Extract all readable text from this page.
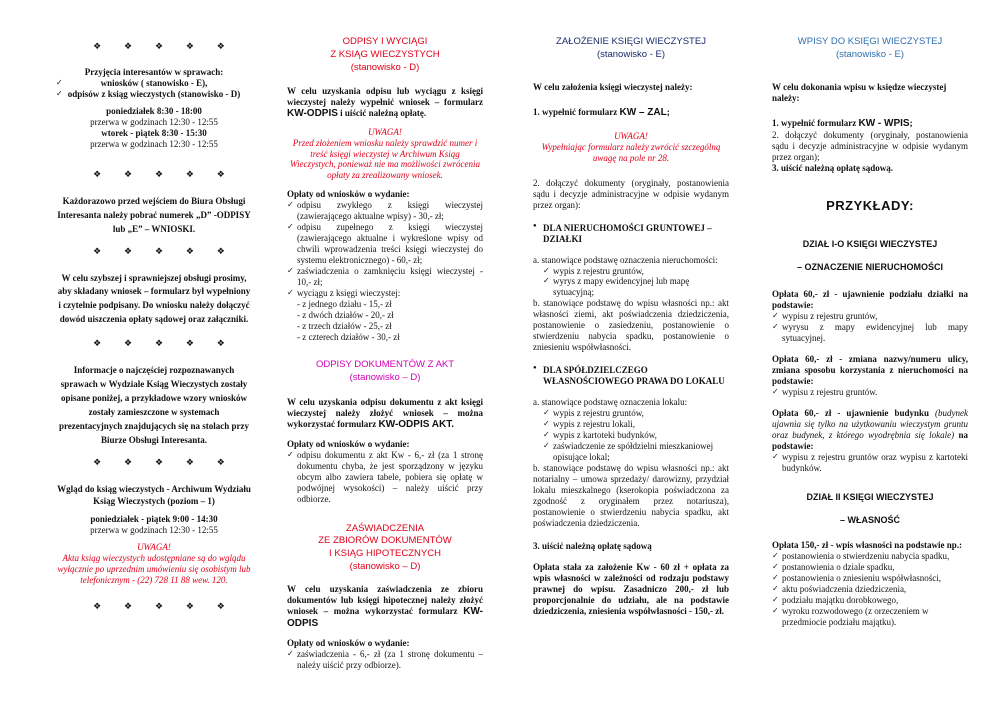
❖ ❖ ❖ ❖ ❖

Przyjęcia interesantów w sprawach:

✓ wniosków ( stanowisko - E),
✓ odpisów z ksiąg wieczystych (stanowisko - D)
poniedziałek 8:30 - 18:00
przerwa w godzinach 12:30 - 12:55
wtorek - piątek 8:30 - 15:30
przerwa w godzinach 12:30 - 12:55
❖ ❖ ❖ ❖ ❖

Każdorazowo przed wejściem do Biura Obsługi Interesanta należy pobrać numerek „D” -ODPISY lub „E” – WNIOSKI.

❖ ❖ ❖ ❖ ❖

W celu szybszej i sprawniejszej obsługi prosimy, aby składany wniosek – formularz był wypełniony i czytelnie podpisany. Do wniosku należy dołączyć dowód uiszczenia opłaty sądowej oraz załączniki.

❖ ❖ ❖ ❖ ❖

Informacje o najczęściej rozpoznawanych sprawach w Wydziale Ksiąg Wieczystych zostały opisane poniżej, a przykładowe wzory wniosków zostały zamieszczone w systemach prezentacyjnych znajdujących się na stolach przy Biurze Obsługi Interesanta.

❖ ❖ ❖ ❖ ❖

Wgląd do ksiąg wieczystych - Archiwum Wydziału Ksiąg Wieczystych (poziom – 1)

poniedziałek - piątek 9:00 - 14:30
przerwa w godzinach 12:30 - 12:55
UWAGA!
Akta ksiąg wieczystych udostępniane są do wglądu wyłącznie po uprzednim umówieniu się osobistym lub telefonicznym - (22) 728 11 88 wew. 120.
❖ ❖ ❖ ❖ ❖
ODPISY I WYCIĄGI
Z KSIĄG WIECZYSTYCH
(stanowisko - D)

W celu uzyskania odpisu lub wyciągu z księgi wieczystej należy wypełnić wniosek – formularz KW-ODPIS i uiścić należną opłatę.

UWAGA!

Przed złożeniem wniosku należy sprawdzić numer i treść księgi wieczystej w Archiwum Ksiąg Wieczystych, ponieważ nie ma możliwości zwrócenia opłaty za zrealizowany wniosek.

Opłaty od wniosków o wydanie:
✓ odpisu zwykłego z księgi wieczystej (zawierającego aktualne wpisy) - 30,- zł;
✓ odpisu zupełnego z księgi wieczystej (zawierającego aktualne i wykreślone wpisy od chwili wprowadzenia treści księgi wieczystej do systemu elektronicznego) - 60,- zł;
✓ zaświadczenia o zamknięciu księgi wieczystej - 10,- zł;
✓ wyciągu z księgi wieczystej:
- z jednego działu - 15,- zł
- z dwóch działów - 20,- zł
- z trzech działów - 25,- zł
- z czterech działów - 30,- zł
ODPISY DOKUMENTÓW Z AKT
(stanowisko – D)

W celu uzyskania odpisu dokumentu z akt księgi wieczystej należy złożyć wniosek – można wykorzystać formularz KW-ODPIS AKT.

Opłaty od wniosków o wydanie:
✓ odpisu dokumentu z akt Kw - 6,- zł (za 1 stronę dokumentu chyba, że jest sporządzony w języku obcym albo zawiera tabele, pobiera się opłatę w podwójnej wysokości) – należy uiścić przy odbiorze.
ZAŚWIADCZENIA
ZE ZBIORÓW DOKUMENTÓW
I KSIĄG HIPOTECZNYCH
(stanowisko – D)

W celu uzyskania zaświadczenia ze zbioru dokumentów lub księgi hipotecznej należy złożyć wniosek – można wykorzystać formularz KW-ODPIS

Opłaty od wniosków o wydanie:
✓ zaświadczenia - 6,- zł (za 1 stronę dokumentu – należy uiścić przy odbiorze).
ZAŁOŻENIE KSIĘGI WIECZYSTEJ
(stanowisko - E)

W celu założenia księgi wieczystej należy:

1. wypełnić formularz KW – ZAL;

UWAGA!

Wypełniając formularz należy zwrócić szczególną uwagę na pole nr 28.

2. dołączyć dokumenty (oryginały, postanowienia sądu i decyzje administracyjne w odpisie wydanym przez organ):

● DLA NIERUCHOMOŚCI GRUNTOWEJ – DZIAŁKI
a. stanowiące podstawę oznaczenia nieruchomości:
✓ wypis z rejestru gruntów,
✓ wyrys z mapy ewidencyjnej lub mapę sytuacyjną;

b. stanowiące podstawę do wpisu własności np.: akt własności ziemi, akt poświadczenia dziedziczenia, postanowienie o zasiedzeniu, postanowienie o stwierdzeniu nabycia spadku, postanowienie o zniesieniu współwłasności.

● DLA SPÓŁDZIELCZEGO WŁASNOŚCIOWEGO PRAWA DO LOKALU
a. stanowiące podstawę oznaczenia lokalu:
✓ wypis z rejestru gruntów,
✓ wypis z rejestru lokali,
✓ wypis z kartoteki budynków,
✓ zaświadczenie ze spółdzielni mieszkaniowej opisujące lokal;

b. stanowiące podstawę do wpisu własności np.: akt notarialny – umowa sprzedaży/ darowizny, przydział lokalu mieszkalnego (kserokopia poświadczona za zgodność z oryginałem przez notariusza), postanowienie o stwierdzeniu nabycia spadku, akt poświadczenia dziedziczenia.

3. uiścić należną opłatę sądową

Opłata stała za założenie Kw - 60 zł + opłata za wpis własności w zależności od rodzaju podstawy prawnej do wpisu. Zasadniczo 200,- zł lub proporcjonalnie do udziału, ale na podstawie dziedziczenia, zniesienia współwłasności - 150,- zł.

WPISY DO KSIĘGI WIECZYSTEJ
(stanowisko - E)

W celu dokonania wpisu w księdze wieczystej należy:

1. wypełnić formularz KW - WPIS;
2. dołączyć dokumenty (oryginały, postanowienia sądu i decyzje administracyjne w odpisie wydanym przez organ);
3. uiścić należną opłatę sądową.
PRZYKŁADY:
DZIAŁ I-O KSIĘGI WIECZYSTEJ
– OZNACZENIE NIERUCHOMOŚCI
Opłata 60,- zł - ujawnienie podziału działki na podstawie:
✓ wypisu z rejestru gruntów,
✓ wyrysu z mapy ewidencyjnej lub mapy sytuacyjnej.
Opłata 60,- zł - zmiana nazwy/numeru ulicy, zmiana sposobu korzystania z nieruchomości na podstawie:
✓ wypisu z rejestru gruntów.
Opłata 60,- zł - ujawnienie budynku (budynek ujawnia się tylko na użytkowaniu wieczystym gruntu oraz budynek, z którego wyodrębnia się lokale) na podstawie:
✓ wypisu z rejestru gruntów oraz wypisu z kartoteki budynków.
DZIAŁ II KSIĘGI WIECZYSTEJ
– WŁASNOŚĆ
Opłata 150,- zł - wpis własności na podstawie np.:
✓ postanowienia o stwierdzeniu nabycia spadku,
✓ postanowienia o dziale spadku,
✓ postanowienia o zniesieniu współwłasności,
✓ aktu poświadczenia dziedziczenia,
✓ podziału majątku dorobkowego,
✓ wyroku rozwodowego (z orzeczeniem w przedmiocie podziału majątku).
